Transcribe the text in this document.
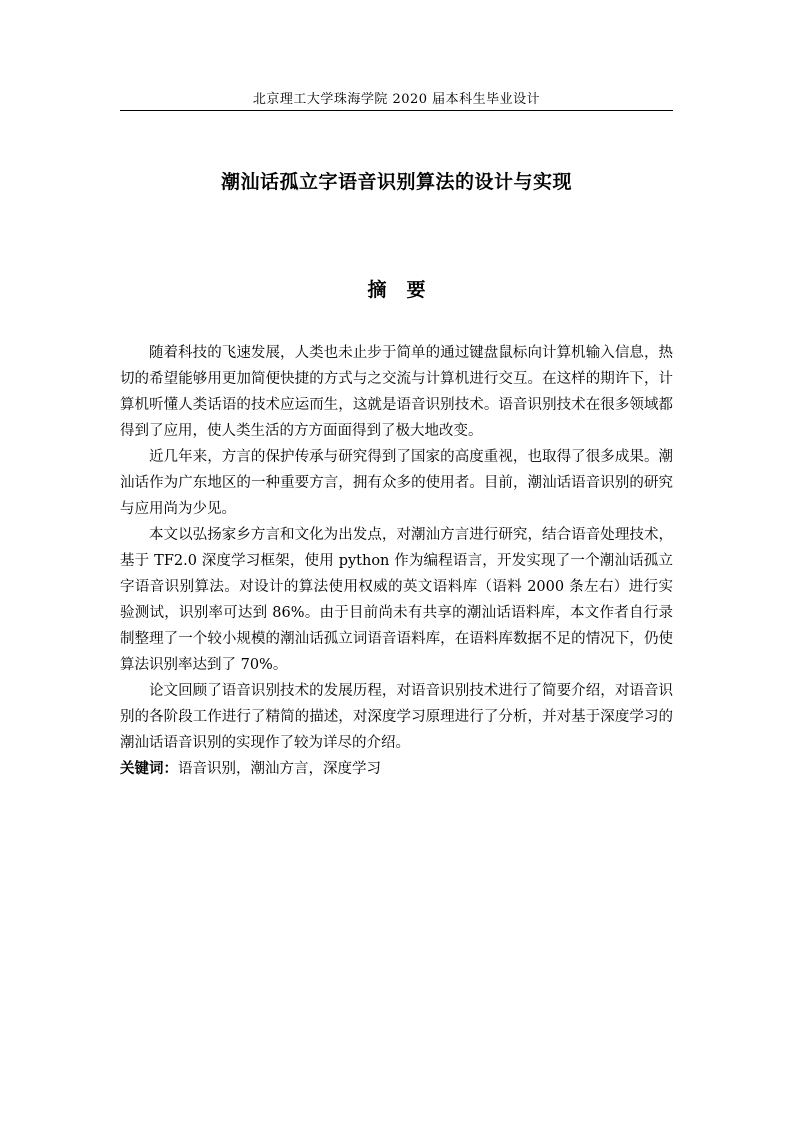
北京理工大学珠海学院 2020 届本科生毕业设计
潮汕话孤立字语音识别算法的设计与实现
摘要

随着科技的飞速发展，人类也未止步于简单的通过键盘鼠标向计算机输入信息，热切的希望能够用更加简便快捷的方式与之交流与计算机进行交互。在这样的期许下，计算机听懂人类话语的技术应运而生，这就是语音识别技术。语音识别技术在很多领域都得到了应用，使人类生活的方方面面得到了极大地改变。

近几年来，方言的保护传承与研究得到了国家的高度重视，也取得了很多成果。潮汕话作为广东地区的一种重要方言，拥有众多的使用者。目前，潮汕话语音识别的研究与应用尚为少见。

本文以弘扬家乡方言和文化为出发点，对潮汕方言进行研究，结合语音处理技术，基于 TF2.0 深度学习框架，使用 python 作为编程语言，开发实现了一个潮汕话孤立字语音识别算法。对设计的算法使用权威的英文语料库（语料 2000 条左右）进行实验测试，识别率可达到 86%。由于目前尚未有共享的潮汕话语料库，本文作者自行录制整理了一个较小规模的潮汕话孤立词语音语料库，在语料库数据不足的情况下，仍使算法识别率达到了 70%。

论文回顾了语音识别技术的发展历程，对语音识别技术进行了简要介绍，对语音识别的各阶段工作进行了精简的描述，对深度学习原理进行了分析，并对基于深度学习的潮汕话语音识别的实现作了较为详尽的介绍。

关键词：语音识别，潮汕方言，深度学习
